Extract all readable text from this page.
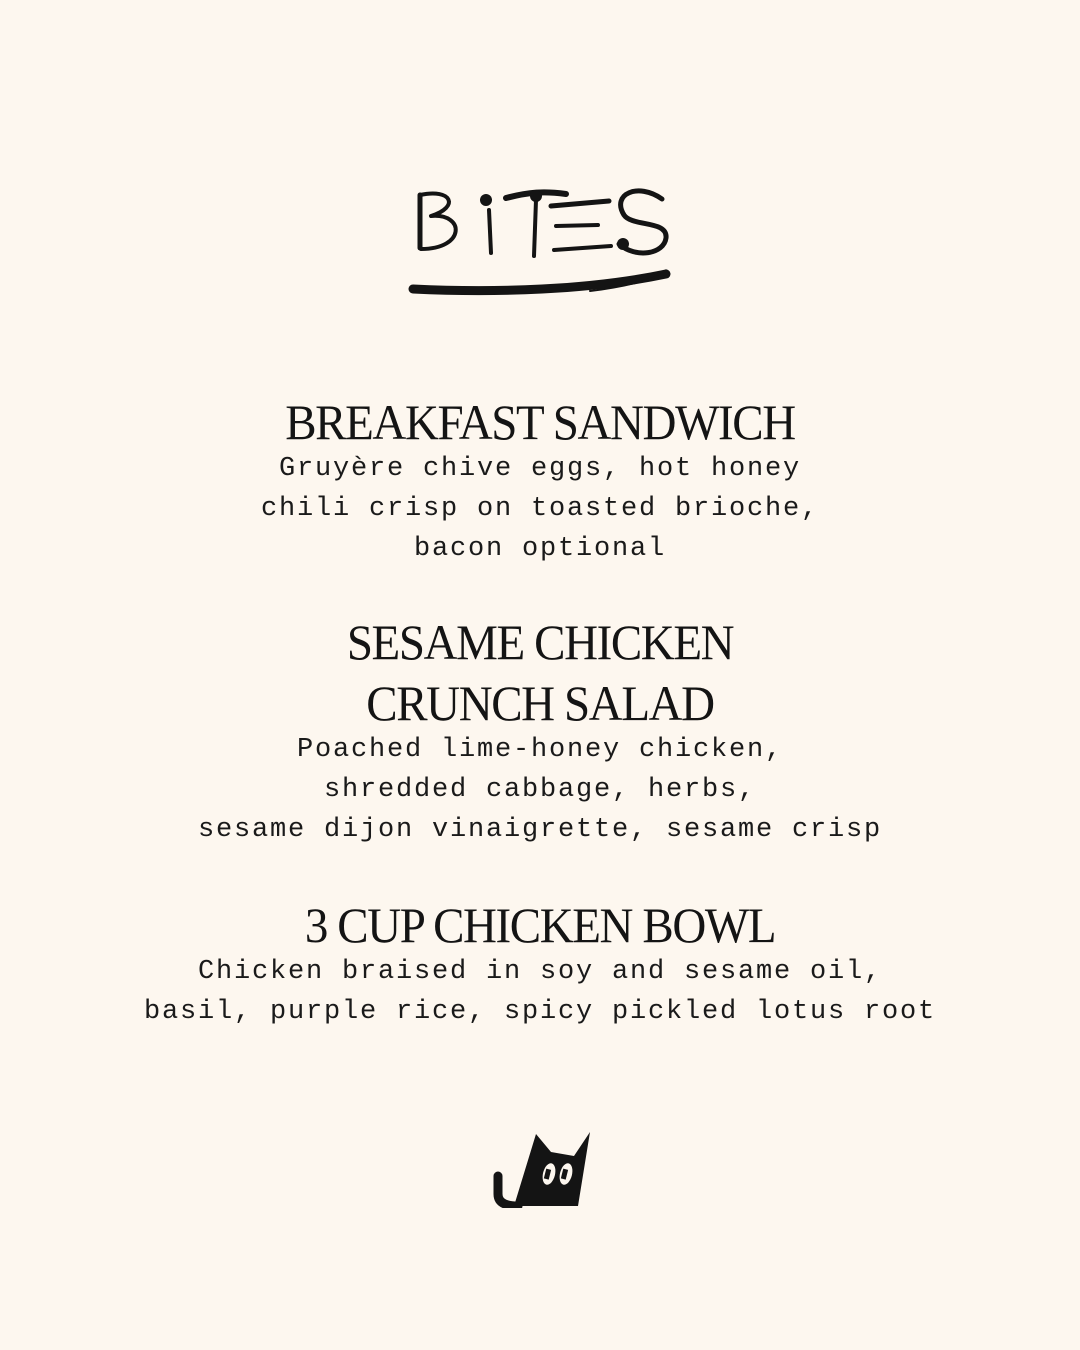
BREAKFAST SANDWICH
Gruyère chive eggs, hot honey
chili crisp on toasted brioche,
bacon optional
SESAME CHICKEN
CRUNCH SALAD
Poached lime-honey chicken,
shredded cabbage, herbs,
sesame dijon vinaigrette, sesame crisp
3 CUP CHICKEN BOWL
Chicken braised in soy and sesame oil,
basil, purple rice, spicy pickled lotus root
